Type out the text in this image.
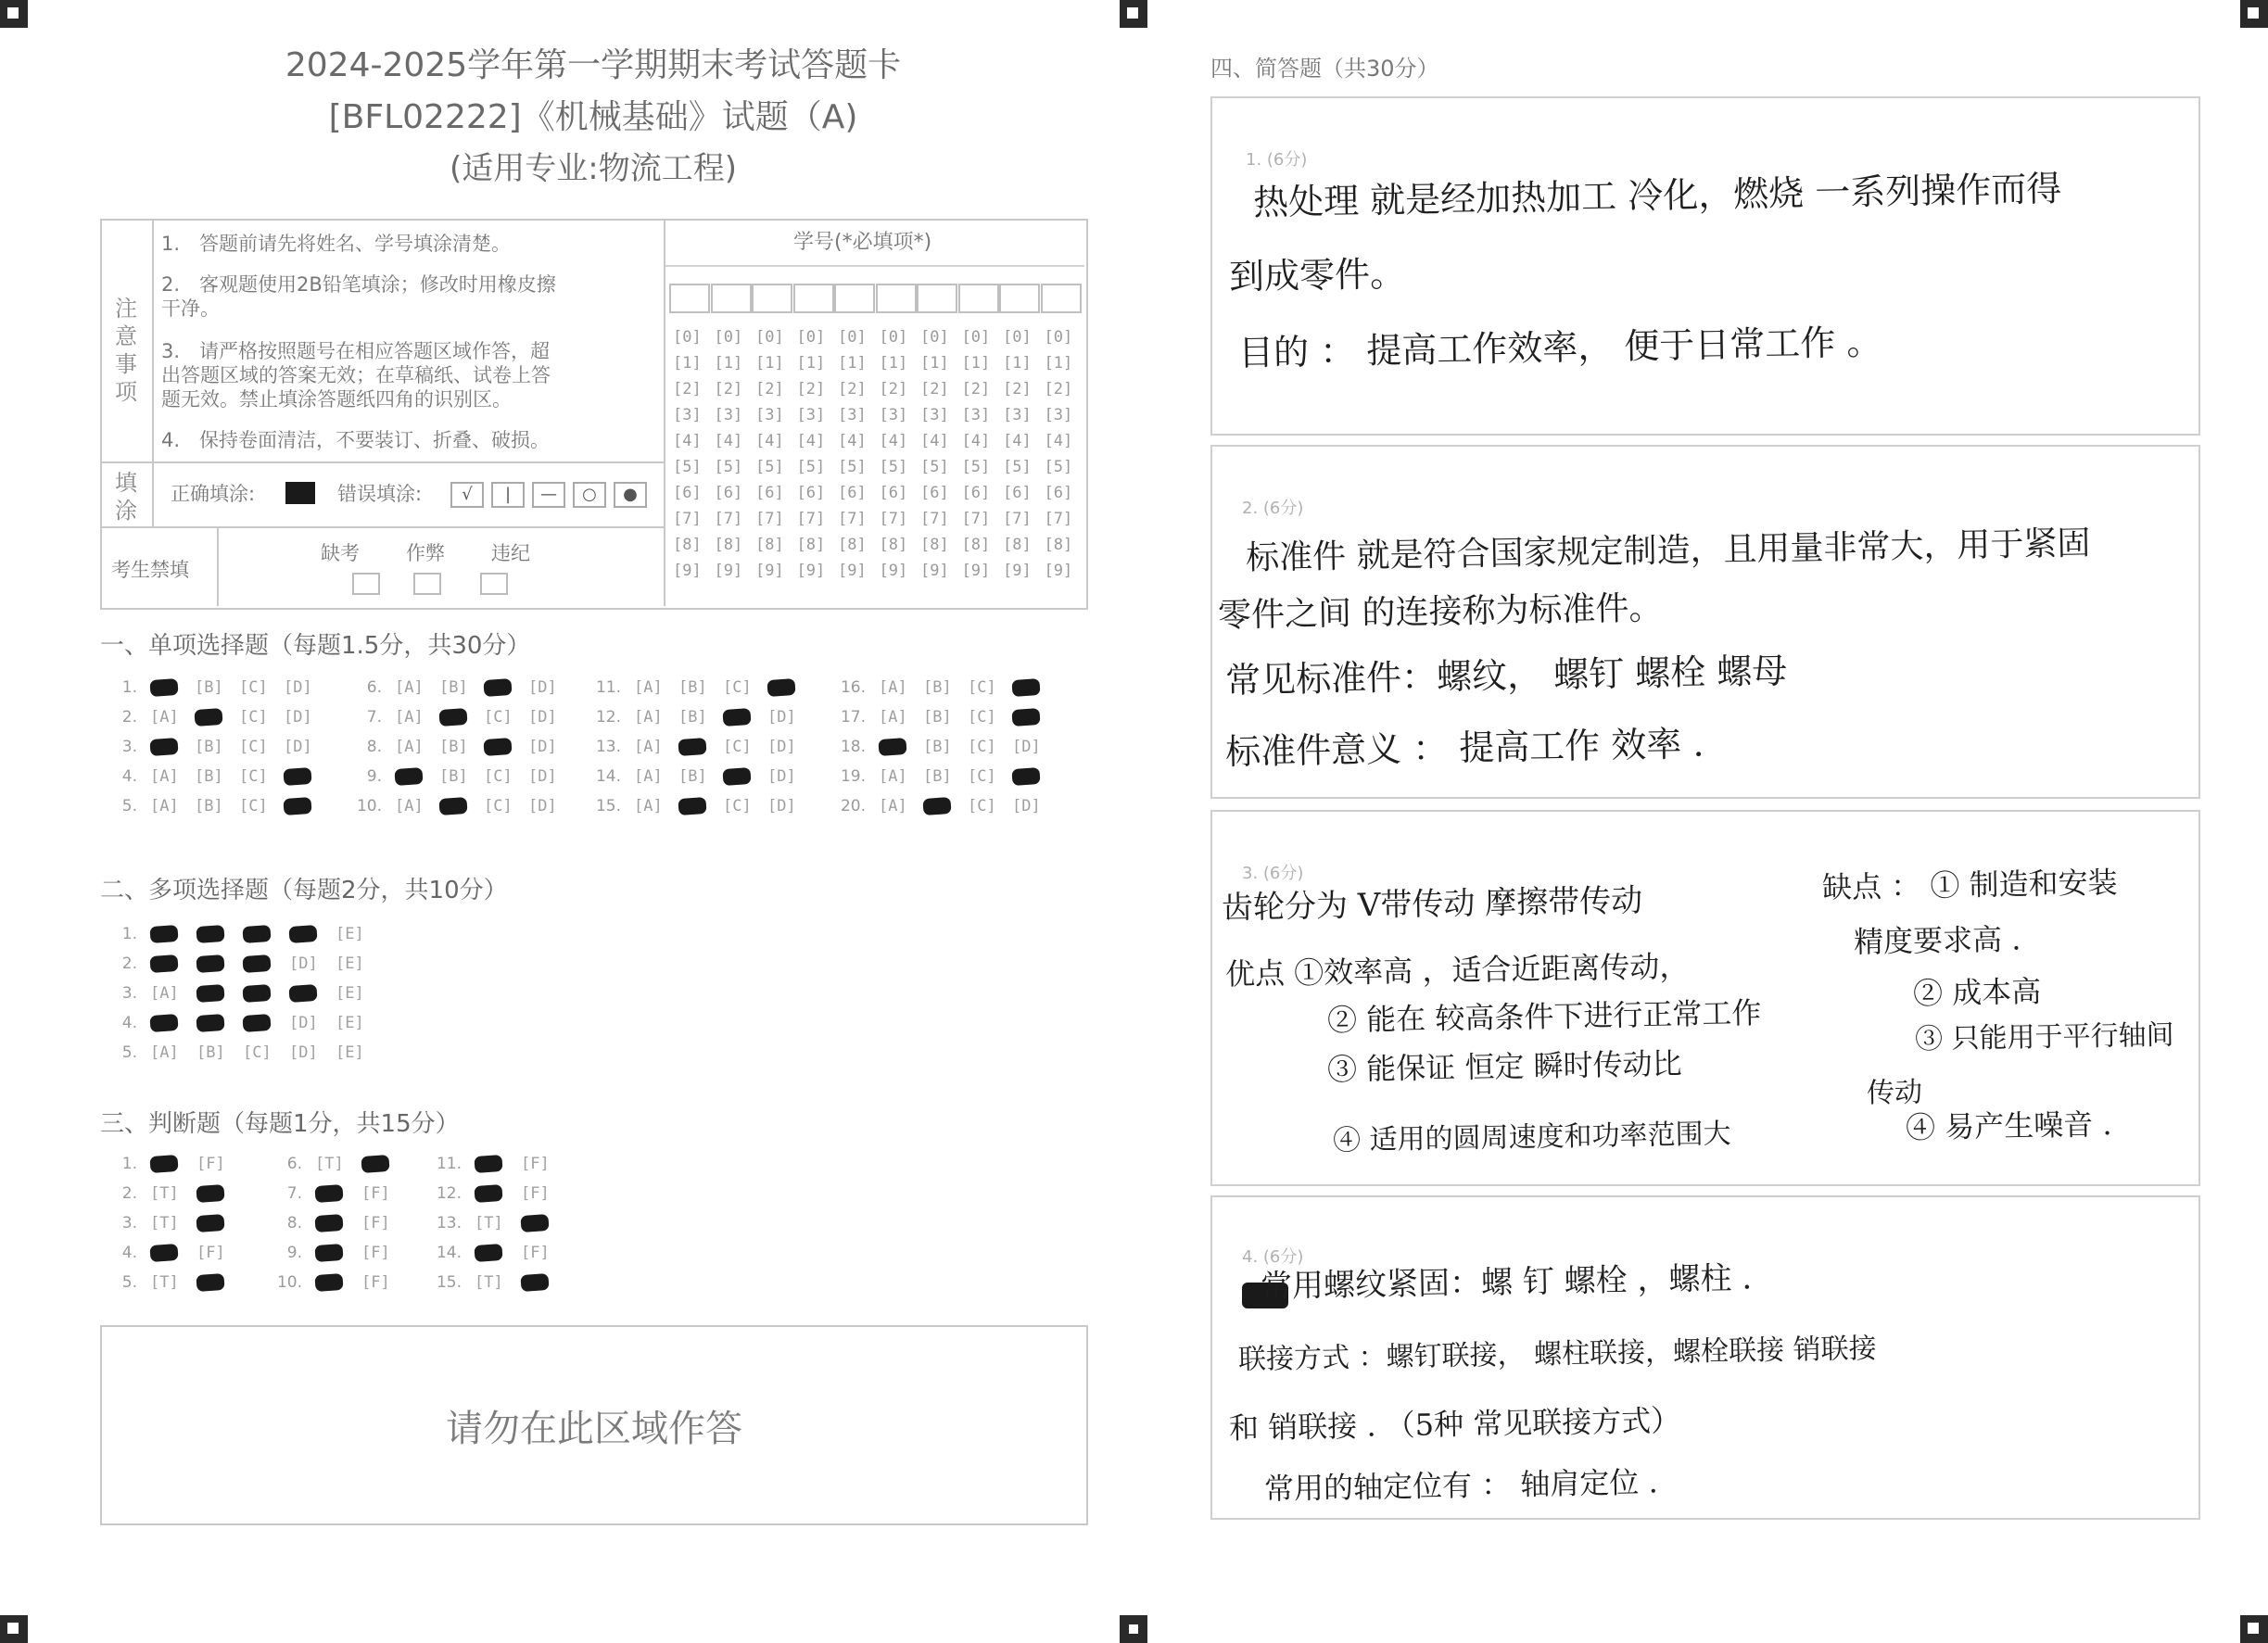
2024-2025学年第一学期期末考试答题卡
[BFL02222]《机械基础》试题（A)
(适用专业:物流工程)
注意事项
1.　答题前请先将姓名、学号填涂清楚。
2.　客观题使用2B铅笔填涂；修改时用橡皮擦
干净。
3.　请严格按照题号在相应答题区域作答，超
出答题区域的答案无效；在草稿纸、试卷上答
题无效。禁止填涂答题纸四角的识别区。
4.　保持卷面清洁，不要装订、折叠、破损。
填涂
正确填涂:	错误填涂:	√	|	—	○	●
考生禁填
缺考 作弊 违纪
学号(*必填项*)
[0] [0] [0] [0] [0] [0] [0] [0] [0] [0]
[1] [1] [1] [1] [1] [1] [1] [1] [1] [1]
[2] [2] [2] [2] [2] [2] [2] [2] [2] [2]
[3] [3] [3] [3] [3] [3] [3] [3] [3] [3]
[4] [4] [4] [4] [4] [4] [4] [4] [4] [4]
[5] [5] [5] [5] [5] [5] [5] [5] [5] [5]
[6] [6] [6] [6] [6] [6] [6] [6] [6] [6]
[7] [7] [7] [7] [7] [7] [7] [7] [7] [7]
[8] [8] [8] [8] [8] [8] [8] [8] [8] [8]
[9] [9] [9] [9] [9] [9] [9] [9] [9] [9]
一、单项选择题（每题1.5分，共30分）
1.	[B] [C] [D]
2. [A]	[C] [D]
3.	[B] [C] [D]
4. [A] [B] [C]
5. [A] [B] [C]
6. [A] [B]	[D]
7. [A]	[C] [D]
8. [A] [B]	[D]
9.	[B] [C] [D]
10. [A]	[C] [D]
11. [A] [B] [C]
12. [A] [B]	[D]
13. [A]	[C] [D]
14. [A] [B]	[D]
15. [A]	[C] [D]
16. [A] [B] [C]
17. [A] [B] [C]
18.	[B] [C] [D]
19. [A] [B] [C]
20. [A]	[C] [D]
二、多项选择题（每题2分，共10分）
1.	[E]
2.	[D] [E]
3. [A]	[E]
4.	[D] [E]
5. [A] [B] [C] [D] [E]
三、判断题（每题1分，共15分）
1.	[F]
2. [T]
3. [T]
4.	[F]
5. [T]
6. [T]
7.	[F]
8.	[F]
9.	[F]
10.	[F]
11.	[F]
12.	[F]
13. [T]
14.	[F]
15. [T]
请勿在此区域作答
四、简答题（共30分）
1. (6分)
热处理 就是经加热加工 冷化，燃烧 一系列操作而得
到成零件。
目的 ： 提高工作效率， 便于日常工作 。
2. (6分)
标准件 就是符合国家规定制造，且用量非常大，用于紧固
零件之间 的连接称为标准件。
常见标准件：螺纹， 螺钉 螺栓 螺母
标准件意义 ： 提高工作 效率 .
3. (6分)
齿轮分为 V带传动 摩擦带传动
优点 ①效率高 ，适合近距离传动，
② 能在 较高条件下进行正常工作
③ 能保证 恒定 瞬时传动比
④ 适用的圆周速度和功率范围大
缺点 ： ① 制造和安装
精度要求高 .
② 成本高
③ 只能用于平行轴间
传动
④ 易产生噪音 .
4. (6分)
常用螺纹紧固：螺 钉 螺栓 ，螺柱 .
联接方式 ：螺钉联接， 螺柱联接，螺栓联接 销联接
和 销联接 . （5种 常见联接方式）
常用的轴定位有 ： 轴肩定位 .
